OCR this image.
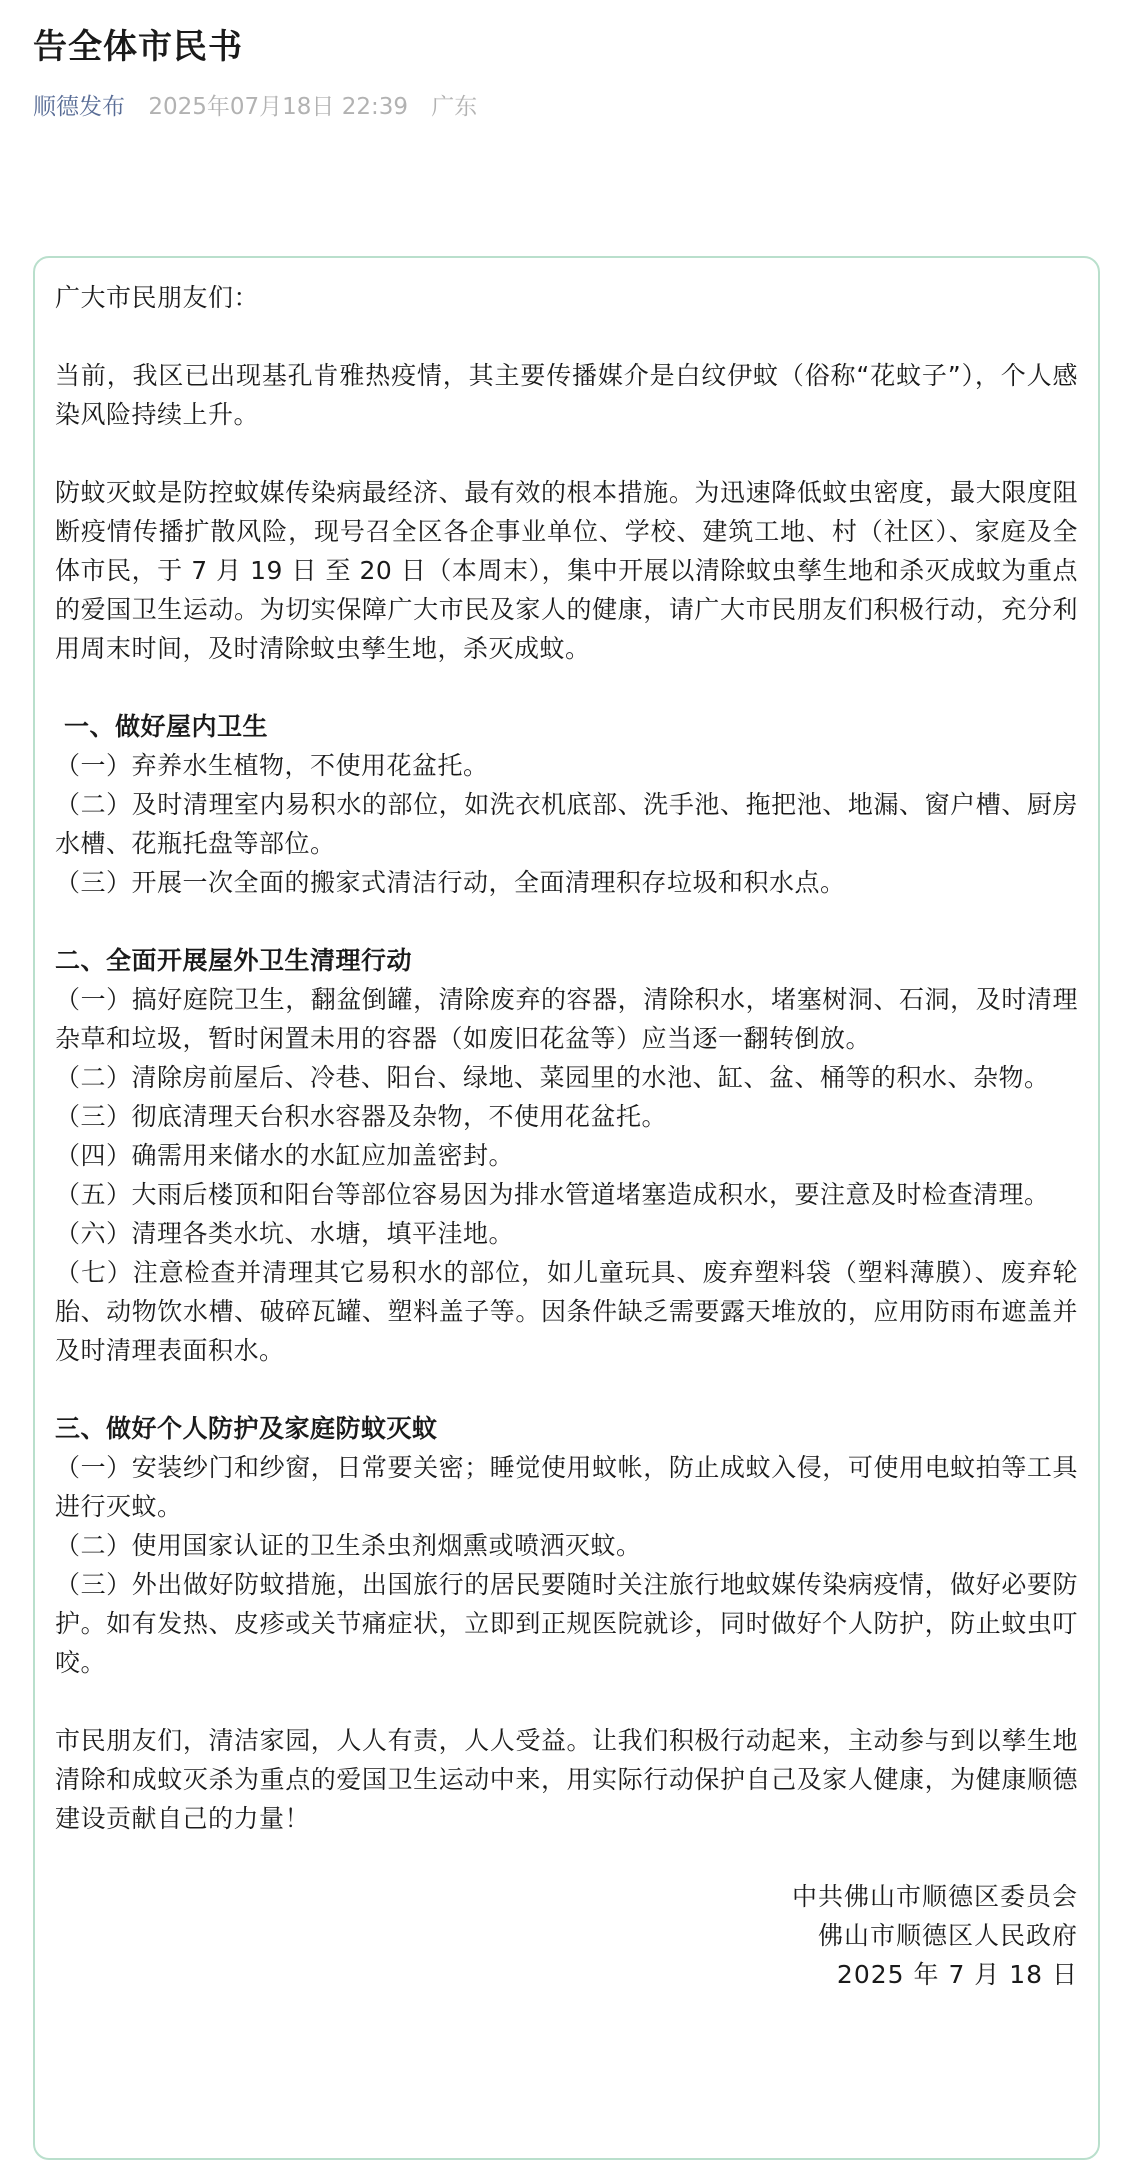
告全体市民书
顺德发布 2025年07月18日 22:39 广东

广大市民朋友们：

当前，我区已出现基孔肯雅热疫情，其主要传播媒介是白纹伊蚊（俗称“花蚊子”），个人感染风险持续上升。

防蚊灭蚊是防控蚊媒传染病最经济、最有效的根本措施。为迅速降低蚊虫密度，最大限度阻断疫情传播扩散风险，现号召全区各企事业单位、学校、建筑工地、村（社区）、家庭及全体市民，于 7 月 19 日 至 20 日（本周末），集中开展以清除蚊虫孳生地和杀灭成蚊为重点的爱国卫生运动。为切实保障广大市民及家人的健康，请广大市民朋友们积极行动，充分利用周末时间，及时清除蚊虫孳生地，杀灭成蚊。

一、做好屋内卫生

（一）弃养水生植物，不使用花盆托。

（二）及时清理室内易积水的部位，如洗衣机底部、洗手池、拖把池、地漏、窗户槽、厨房水槽、花瓶托盘等部位。

（三）开展一次全面的搬家式清洁行动，全面清理积存垃圾和积水点。

二、全面开展屋外卫生清理行动

（一）搞好庭院卫生，翻盆倒罐，清除废弃的容器，清除积水，堵塞树洞、石洞，及时清理杂草和垃圾，暂时闲置未用的容器（如废旧花盆等）应当逐一翻转倒放。

（二）清除房前屋后、冷巷、阳台、绿地、菜园里的水池、缸、盆、桶等的积水、杂物。

（三）彻底清理天台积水容器及杂物，不使用花盆托。

（四）确需用来储水的水缸应加盖密封。

（五）大雨后楼顶和阳台等部位容易因为排水管道堵塞造成积水，要注意及时检查清理。

（六）清理各类水坑、水塘，填平洼地。

（七）注意检查并清理其它易积水的部位，如儿童玩具、废弃塑料袋（塑料薄膜）、废弃轮胎、动物饮水槽、破碎瓦罐、塑料盖子等。因条件缺乏需要露天堆放的，应用防雨布遮盖并及时清理表面积水。

三、做好个人防护及家庭防蚊灭蚊

（一）安装纱门和纱窗，日常要关密；睡觉使用蚊帐，防止成蚊入侵，可使用电蚊拍等工具进行灭蚊。

（二）使用国家认证的卫生杀虫剂烟熏或喷洒灭蚊。

（三）外出做好防蚊措施，出国旅行的居民要随时关注旅行地蚊媒传染病疫情，做好必要防护。如有发热、皮疹或关节痛症状，立即到正规医院就诊，同时做好个人防护，防止蚊虫叮咬。

市民朋友们，清洁家园，人人有责，人人受益。让我们积极行动起来，主动参与到以孳生地清除和成蚊灭杀为重点的爱国卫生运动中来，用实际行动保护自己及家人健康，为健康顺德建设贡献自己的力量！

中共佛山市顺德区委员会

佛山市顺德区人民政府

2025 年 7 月 18 日
